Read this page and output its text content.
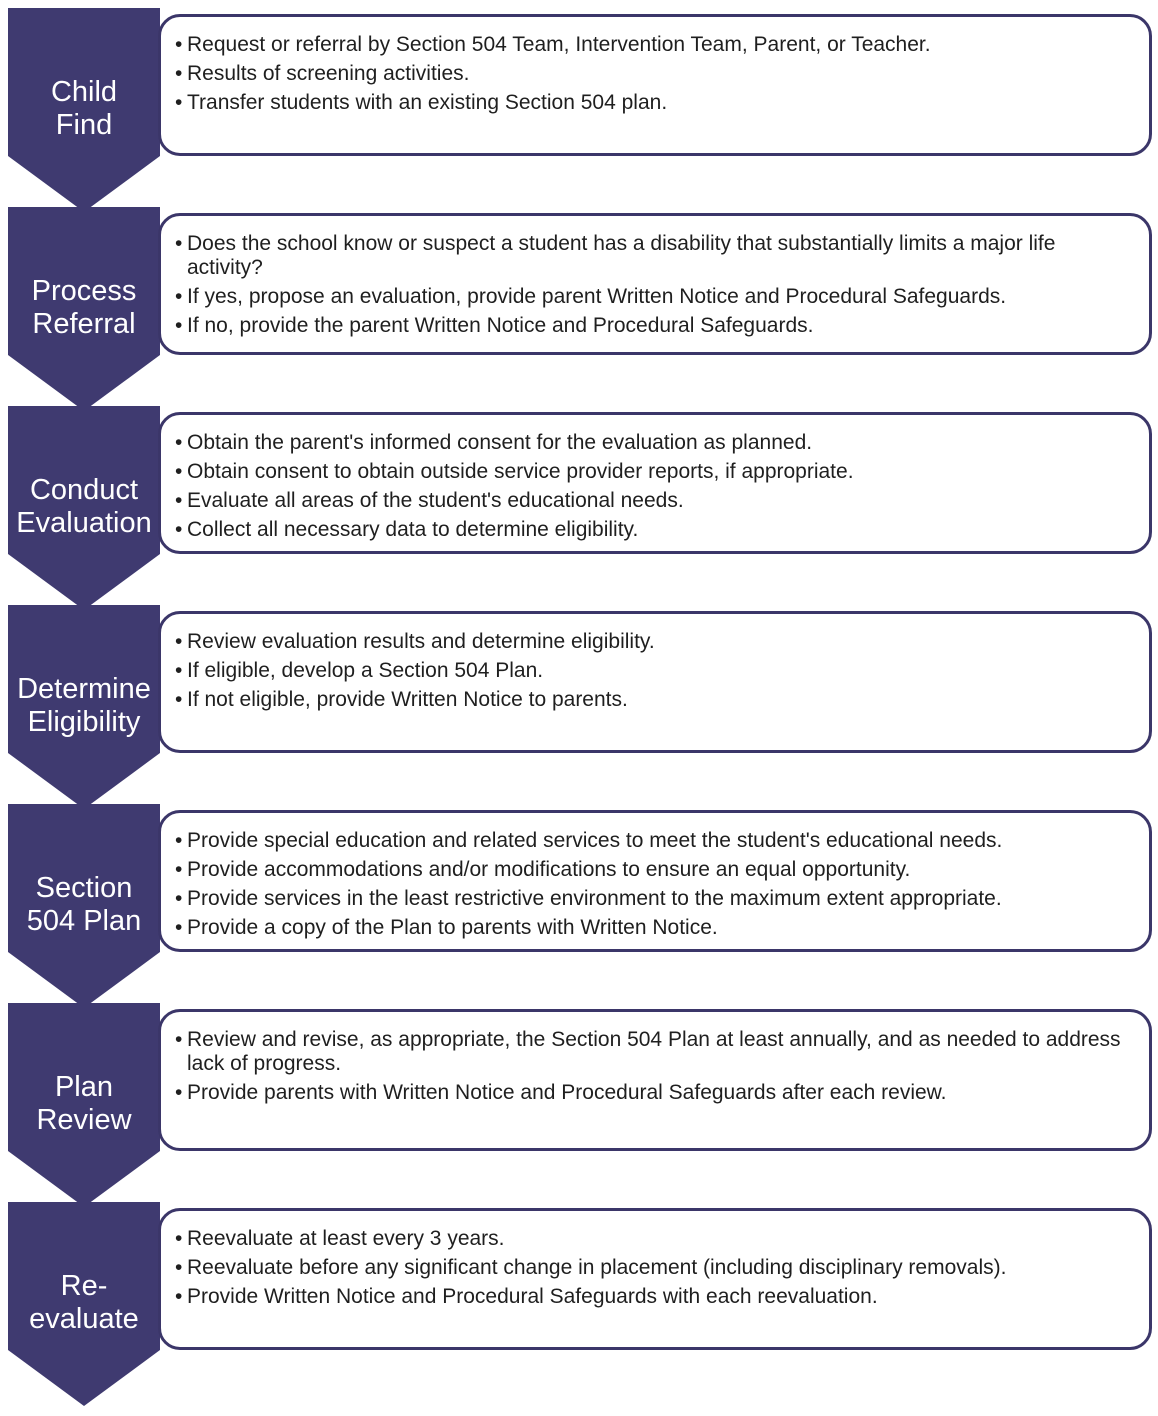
• Request or referral by Section 504 Team, Intervention Team, Parent, or Teacher.
• Results of screening activities.
• Transfer students with an existing Section 504 plan.
Child
Find
• Does the school know or suspect a student has a disability that substantially limits a major life activity?
• If yes, propose an evaluation, provide parent Written Notice and Procedural Safeguards.
• If no, provide the parent Written Notice and Procedural Safeguards.
Process
Referral
• Obtain the parent's informed consent for the evaluation as planned.
• Obtain consent to obtain outside service provider reports, if appropriate.
• Evaluate all areas of the student's educational needs.
• Collect all necessary data to determine eligibility.
Conduct
Evaluation
• Review evaluation results and determine eligibility.
• If eligible, develop a Section 504 Plan.
• If not eligible, provide Written Notice to parents.
Determine
Eligibility
• Provide special education and related services to meet the student's educational needs.
• Provide accommodations and/or modifications to ensure an equal opportunity.
• Provide services in the least restrictive environment to the maximum extent appropriate.
• Provide a copy of the Plan to parents with Written Notice.
Section
504 Plan
• Review and revise, as appropriate, the Section 504 Plan at least annually, and as needed to address lack of progress.
• Provide parents with Written Notice and Procedural Safeguards after each review.
Plan
Review
• Reevaluate at least every 3 years.
• Reevaluate before any significant change in placement (including disciplinary removals).
• Provide Written Notice and Procedural Safeguards with each reevaluation.
Re-
evaluate
